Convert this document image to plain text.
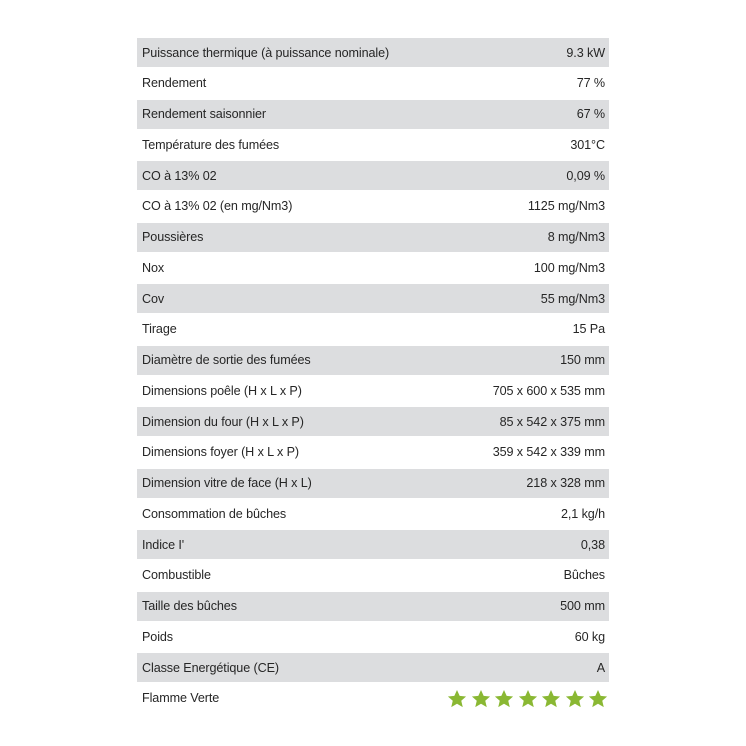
Puissance thermique (à puissance nominale)	9.3 kW
Rendement	77 %
Rendement saisonnier	67 %
Température des fumées	301°C
CO à 13% 02	0,09 %
CO à 13% 02 (en mg/Nm3)	1125 mg/Nm3
Poussières	8 mg/Nm3
Nox	100 mg/Nm3
Cov	55 mg/Nm3
Tirage	15 Pa
Diamètre de sortie des fumées	150 mm
Dimensions poêle (H x L x P)	705 x 600 x 535 mm
Dimension du four (H x L x P)	85 x 542 x 375 mm
Dimensions foyer (H x L x P)	359 x 542 x 339 mm
Dimension vitre de face (H x L)	218 x 328 mm
Consommation de bûches	2,1 kg/h
Indice I'	0,38
Combustible	Bûches
Taille des bûches	500 mm
Poids	60 kg
Classe Energétique (CE)	A
Flamme Verte
